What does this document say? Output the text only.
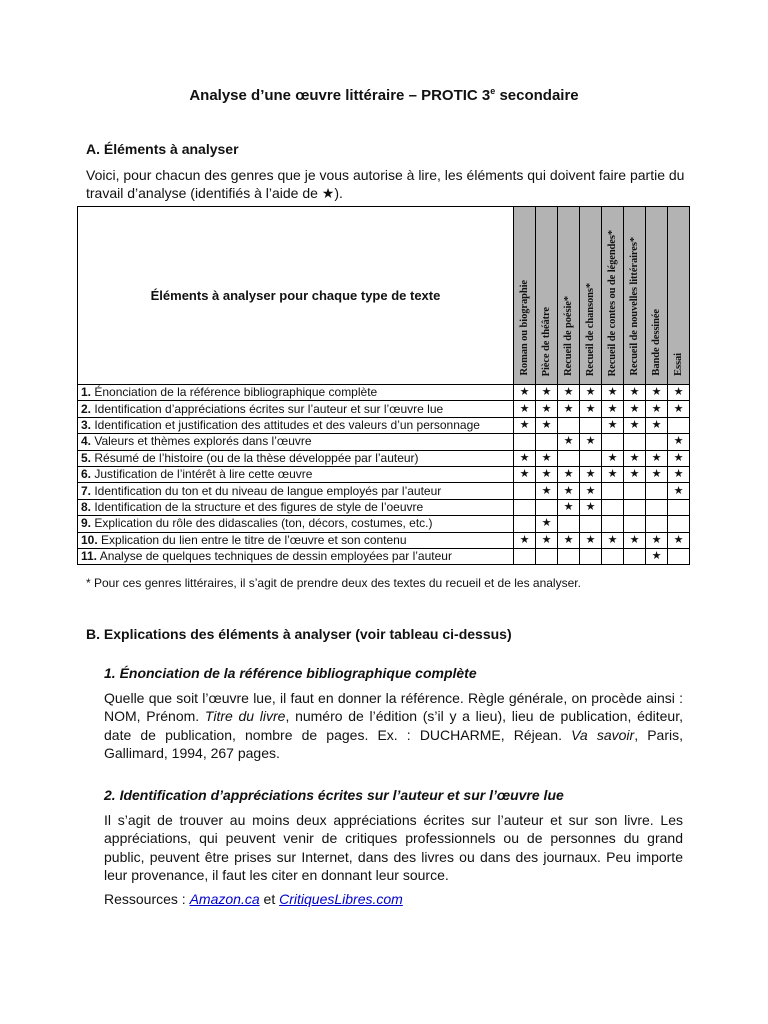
Analyse d’une œuvre littéraire – PROTIC 3e secondaire
A. Éléments à analyser
Voici, pour chacun des genres que je vous autorise à lire, les éléments qui doivent faire partie du travail d’analyse (identifiés à l’aide de ★).
Éléments à analyser pour chaque type de texte	Roman ou biographie	Pièce de théâtre	Recueil de poésie*	Recueil de chansons*	Recueil de contes ou de légendes*	Recueil de nouvelles littéraires*	Bande dessinée	Essai
1. Énonciation de la référence bibliographique complète	★	★	★	★	★	★	★	★
2. Identification d’appréciations écrites sur l’auteur et sur l’œuvre lue	★	★	★	★	★	★	★	★
3. Identification et justification des attitudes et des valeurs d’un personnage	★	★			★	★	★	
4. Valeurs et thèmes explorés dans l’œuvre			★	★				★
5. Résumé de l’histoire (ou de la thèse développée par l’auteur)	★	★			★	★	★	★
6. Justification de l’intérêt à lire cette œuvre	★	★	★	★	★	★	★	★
7. Identification du ton et du niveau de langue employés par l’auteur		★	★	★				★
8. Identification de la structure et des figures de style de l’oeuvre			★	★				
9. Explication du rôle des didascalies (ton, décors, costumes, etc.)		★						
10. Explication du lien entre le titre de l’œuvre et son contenu	★	★	★	★	★	★	★	★
11. Analyse de quelques techniques de dessin employées par l’auteur							★	
* Pour ces genres littéraires, il s’agit de prendre deux des textes du recueil et de les analyser.
B. Explications des éléments à analyser (voir tableau ci-dessus)
1. Énonciation de la référence bibliographique complète
Quelle que soit l’œuvre lue, il faut en donner la référence. Règle générale, on procède ainsi : NOM, Prénom. Titre du livre, numéro de l’édition (s’il y a lieu), lieu de publication, éditeur, date de publication, nombre de pages. Ex. : DUCHARME, Réjean. Va savoir, Paris, Gallimard, 1994, 267 pages.
2. Identification d’appréciations écrites sur l’auteur et sur l’œuvre lue
Il s’agit de trouver au moins deux appréciations écrites sur l’auteur et sur son livre. Les appréciations, qui peuvent venir de critiques professionnels ou de personnes du grand public, peuvent être prises sur Internet, dans des livres ou dans des journaux. Peu importe leur provenance, il faut les citer en donnant leur source.
Ressources : Amazon.ca et CritiquesLibres.com
